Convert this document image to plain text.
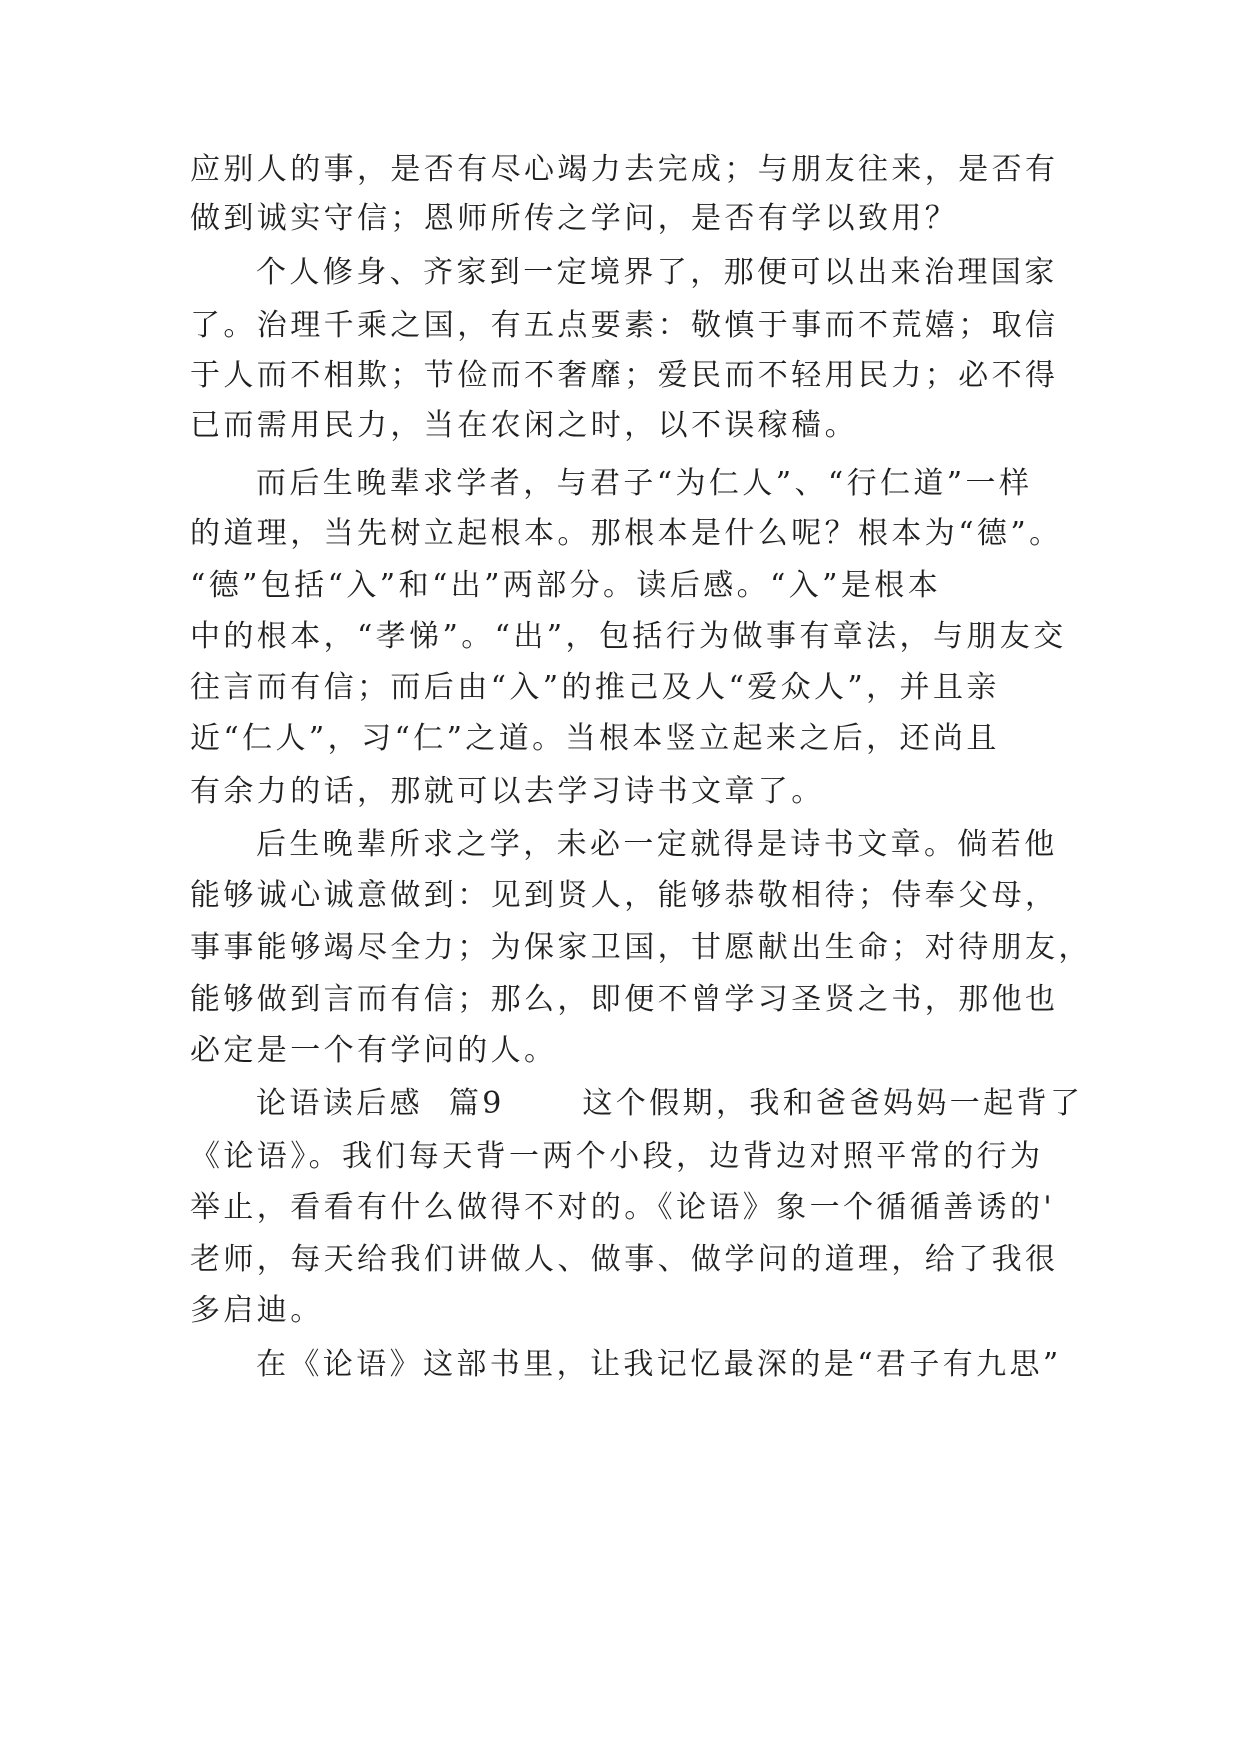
应别人的事，是否有尽心竭力去完成；与朋友往来，是否有
做到诚实守信；恩师所传之学问，是否有学以致用？
个人修身、齐家到一定境界了，那便可以出来治理国家
了。治理千乘之国，有五点要素：敬慎于事而不荒嬉；取信
于人而不相欺；节俭而不奢靡；爱民而不轻用民力；必不得
已而需用民力，当在农闲之时，以不误稼穑。
而后生晚辈求学者，与君子“为仁人”、“行仁道”一样
的道理，当先树立起根本。那根本是什么呢？根本为“德”。
“德”包括“入”和“出”两部分。读后感。“入”是根本
中的根本，“孝悌”。“出”，包括行为做事有章法，与朋友交
往言而有信；而后由“入”的推己及人“爱众人”，并且亲
近“仁人”，习“仁”之道。当根本竖立起来之后，还尚且
有余力的话，那就可以去学习诗书文章了。
后生晚辈所求之学，未必一定就得是诗书文章。倘若他
能够诚心诚意做到：见到贤人，能够恭敬相待；侍奉父母，
事事能够竭尽全力；为保家卫国，甘愿献出生命；对待朋友，
能够做到言而有信；那么，即便不曾学习圣贤之书，那他也
必定是一个有学问的人。
论语读后感  篇9      这个假期，我和爸爸妈妈一起背了
《论语》。我们每天背一两个小段，边背边对照平常的行为
举止，看看有什么做得不对的。《论语》象一个循循善诱的'
老师，每天给我们讲做人、做事、做学问的道理，给了我很
多启迪。
在《论语》这部书里，让我记忆最深的是“君子有九思”
